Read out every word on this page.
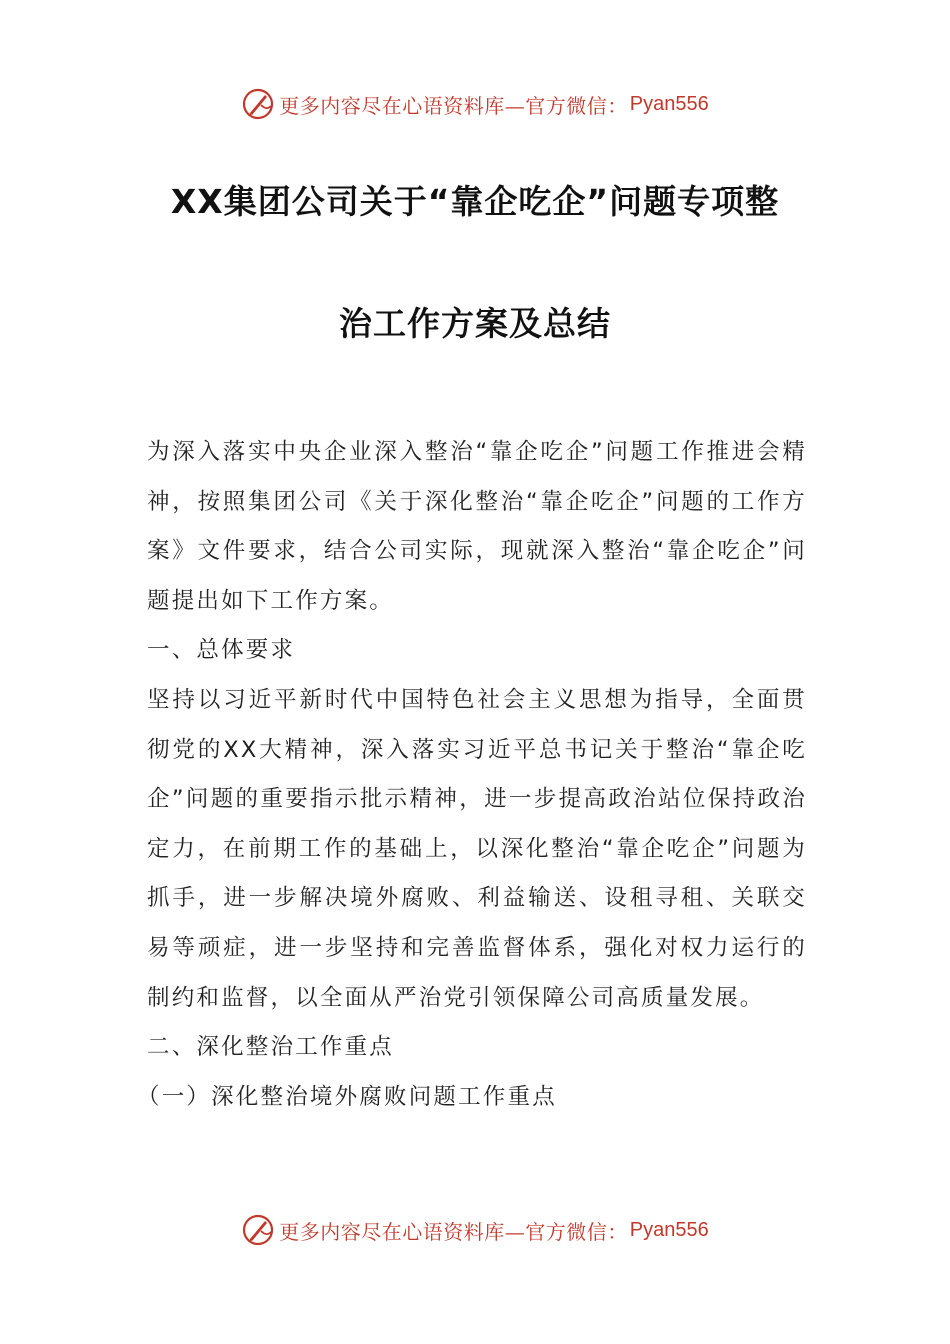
更多内容尽在心语资料库—官方微信： Pyan556
XX集团公司关于“靠企吃企”问题专项整
治工作方案及总结

为深入落实中央企业深入整治“靠企吃企”问题工作推进会精神，按照集团公司《关于深化整治“靠企吃企”问题的工作方案》文件要求，结合公司实际，现就深入整治“靠企吃企”问题提出如下工作方案。

一、总体要求

坚持以习近平新时代中国特色社会主义思想为指导，全面贯彻党的XX大精神，深入落实习近平总书记关于整治“靠企吃企”问题的重要指示批示精神，进一步提高政治站位保持政治定力，在前期工作的基础上，以深化整治“靠企吃企”问题为抓手，进一步解决境外腐败、利益输送、设租寻租、关联交易等顽症，进一步坚持和完善监督体系，强化对权力运行的制约和监督，以全面从严治党引领保障公司高质量发展。

二、深化整治工作重点

（一）深化整治境外腐败问题工作重点

更多内容尽在心语资料库—官方微信： Pyan556
